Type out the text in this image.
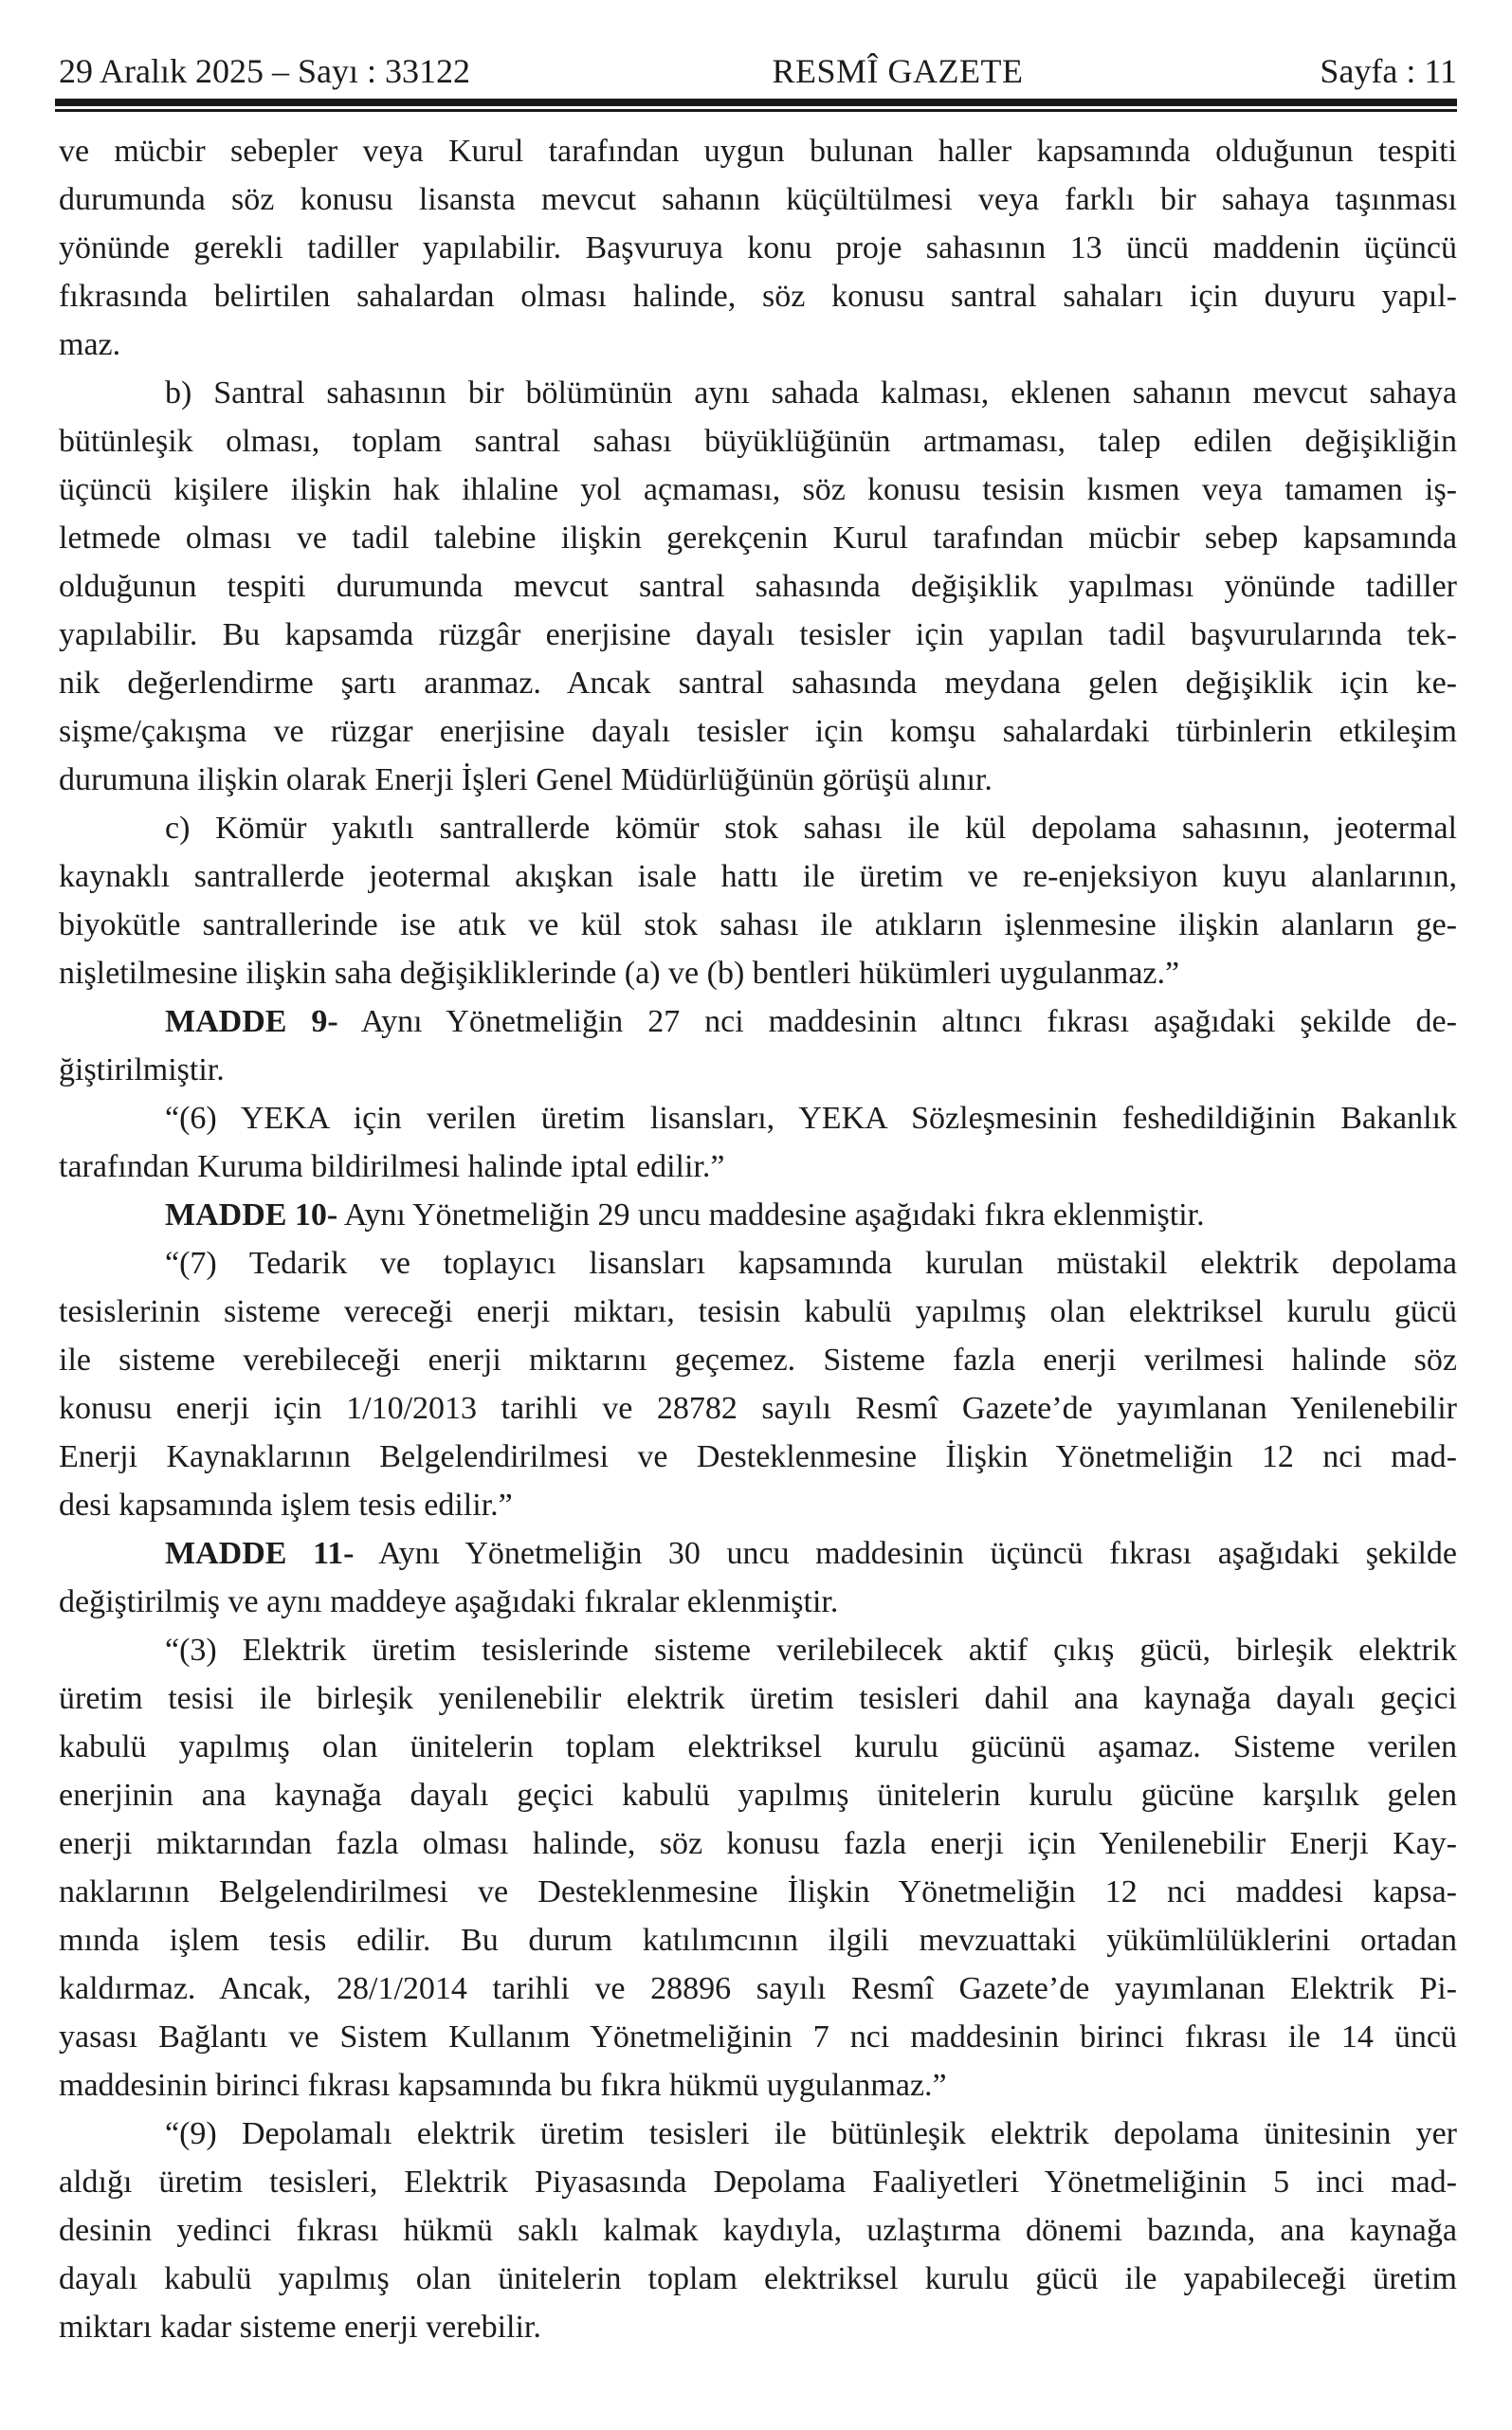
29 Aralık 2025 – Sayı : 33122	RESMÎ GAZETE	Sayfa : 11
ve mücbir sebepler veya Kurul tarafından uygun bulunan haller kapsamında olduğunun tespiti
durumunda söz konusu lisansta mevcut sahanın küçültülmesi veya farklı bir sahaya taşınması
yönünde gerekli tadiller yapılabilir. Başvuruya konu proje sahasının 13 üncü maddenin üçüncü
fıkrasında belirtilen sahalardan olması halinde, söz konusu santral sahaları için duyuru yapıl-
maz.
b) Santral sahasının bir bölümünün aynı sahada kalması, eklenen sahanın mevcut sahaya
bütünleşik olması, toplam santral sahası büyüklüğünün artmaması, talep edilen değişikliğin
üçüncü kişilere ilişkin hak ihlaline yol açmaması, söz konusu tesisin kısmen veya tamamen iş-
letmede olması ve tadil talebine ilişkin gerekçenin Kurul tarafından mücbir sebep kapsamında
olduğunun tespiti durumunda mevcut santral sahasında değişiklik yapılması yönünde tadiller
yapılabilir. Bu kapsamda rüzgâr enerjisine dayalı tesisler için yapılan tadil başvurularında tek-
nik değerlendirme şartı aranmaz. Ancak santral sahasında meydana gelen değişiklik için ke-
sişme/çakışma ve rüzgar enerjisine dayalı tesisler için komşu sahalardaki türbinlerin etkileşim
durumuna ilişkin olarak Enerji İşleri Genel Müdürlüğünün görüşü alınır.
c) Kömür yakıtlı santrallerde kömür stok sahası ile kül depolama sahasının, jeotermal
kaynaklı santrallerde jeotermal akışkan isale hattı ile üretim ve re-enjeksiyon kuyu alanlarının,
biyokütle santrallerinde ise atık ve kül stok sahası ile atıkların işlenmesine ilişkin alanların ge-
nişletilmesine ilişkin saha değişikliklerinde (a) ve (b) bentleri hükümleri uygulanmaz.”
MADDE 9- Aynı Yönetmeliğin 27 nci maddesinin altıncı fıkrası aşağıdaki şekilde de-
ğiştirilmiştir.
“(6) YEKA için verilen üretim lisansları, YEKA Sözleşmesinin feshedildiğinin Bakanlık
tarafından Kuruma bildirilmesi halinde iptal edilir.”
MADDE 10- Aynı Yönetmeliğin 29 uncu maddesine aşağıdaki fıkra eklenmiştir.
“(7) Tedarik ve toplayıcı lisansları kapsamında kurulan müstakil elektrik depolama
tesislerinin sisteme vereceği enerji miktarı, tesisin kabulü yapılmış olan elektriksel kurulu gücü
ile sisteme verebileceği enerji miktarını geçemez. Sisteme fazla enerji verilmesi halinde söz
konusu enerji için 1/10/2013 tarihli ve 28782 sayılı Resmî Gazete’de yayımlanan Yenilenebilir
Enerji Kaynaklarının Belgelendirilmesi ve Desteklenmesine İlişkin Yönetmeliğin 12 nci mad-
desi kapsamında işlem tesis edilir.”
MADDE 11- Aynı Yönetmeliğin 30 uncu maddesinin üçüncü fıkrası aşağıdaki şekilde
değiştirilmiş ve aynı maddeye aşağıdaki fıkralar eklenmiştir.
“(3) Elektrik üretim tesislerinde sisteme verilebilecek aktif çıkış gücü, birleşik elektrik
üretim tesisi ile birleşik yenilenebilir elektrik üretim tesisleri dahil ana kaynağa dayalı geçici
kabulü yapılmış olan ünitelerin toplam elektriksel kurulu gücünü aşamaz. Sisteme verilen
enerjinin ana kaynağa dayalı geçici kabulü yapılmış ünitelerin kurulu gücüne karşılık gelen
enerji miktarından fazla olması halinde, söz konusu fazla enerji için Yenilenebilir Enerji Kay-
naklarının Belgelendirilmesi ve Desteklenmesine İlişkin Yönetmeliğin 12 nci maddesi kapsa-
mında işlem tesis edilir. Bu durum katılımcının ilgili mevzuattaki yükümlülüklerini ortadan
kaldırmaz. Ancak, 28/1/2014 tarihli ve 28896 sayılı Resmî Gazete’de yayımlanan Elektrik Pi-
yasası Bağlantı ve Sistem Kullanım Yönetmeliğinin 7 nci maddesinin birinci fıkrası ile 14 üncü
maddesinin birinci fıkrası kapsamında bu fıkra hükmü uygulanmaz.”
“(9) Depolamalı elektrik üretim tesisleri ile bütünleşik elektrik depolama ünitesinin yer
aldığı üretim tesisleri, Elektrik Piyasasında Depolama Faaliyetleri Yönetmeliğinin 5 inci mad-
desinin yedinci fıkrası hükmü saklı kalmak kaydıyla, uzlaştırma dönemi bazında, ana kaynağa
dayalı kabulü yapılmış olan ünitelerin toplam elektriksel kurulu gücü ile yapabileceği üretim
miktarı kadar sisteme enerji verebilir.
